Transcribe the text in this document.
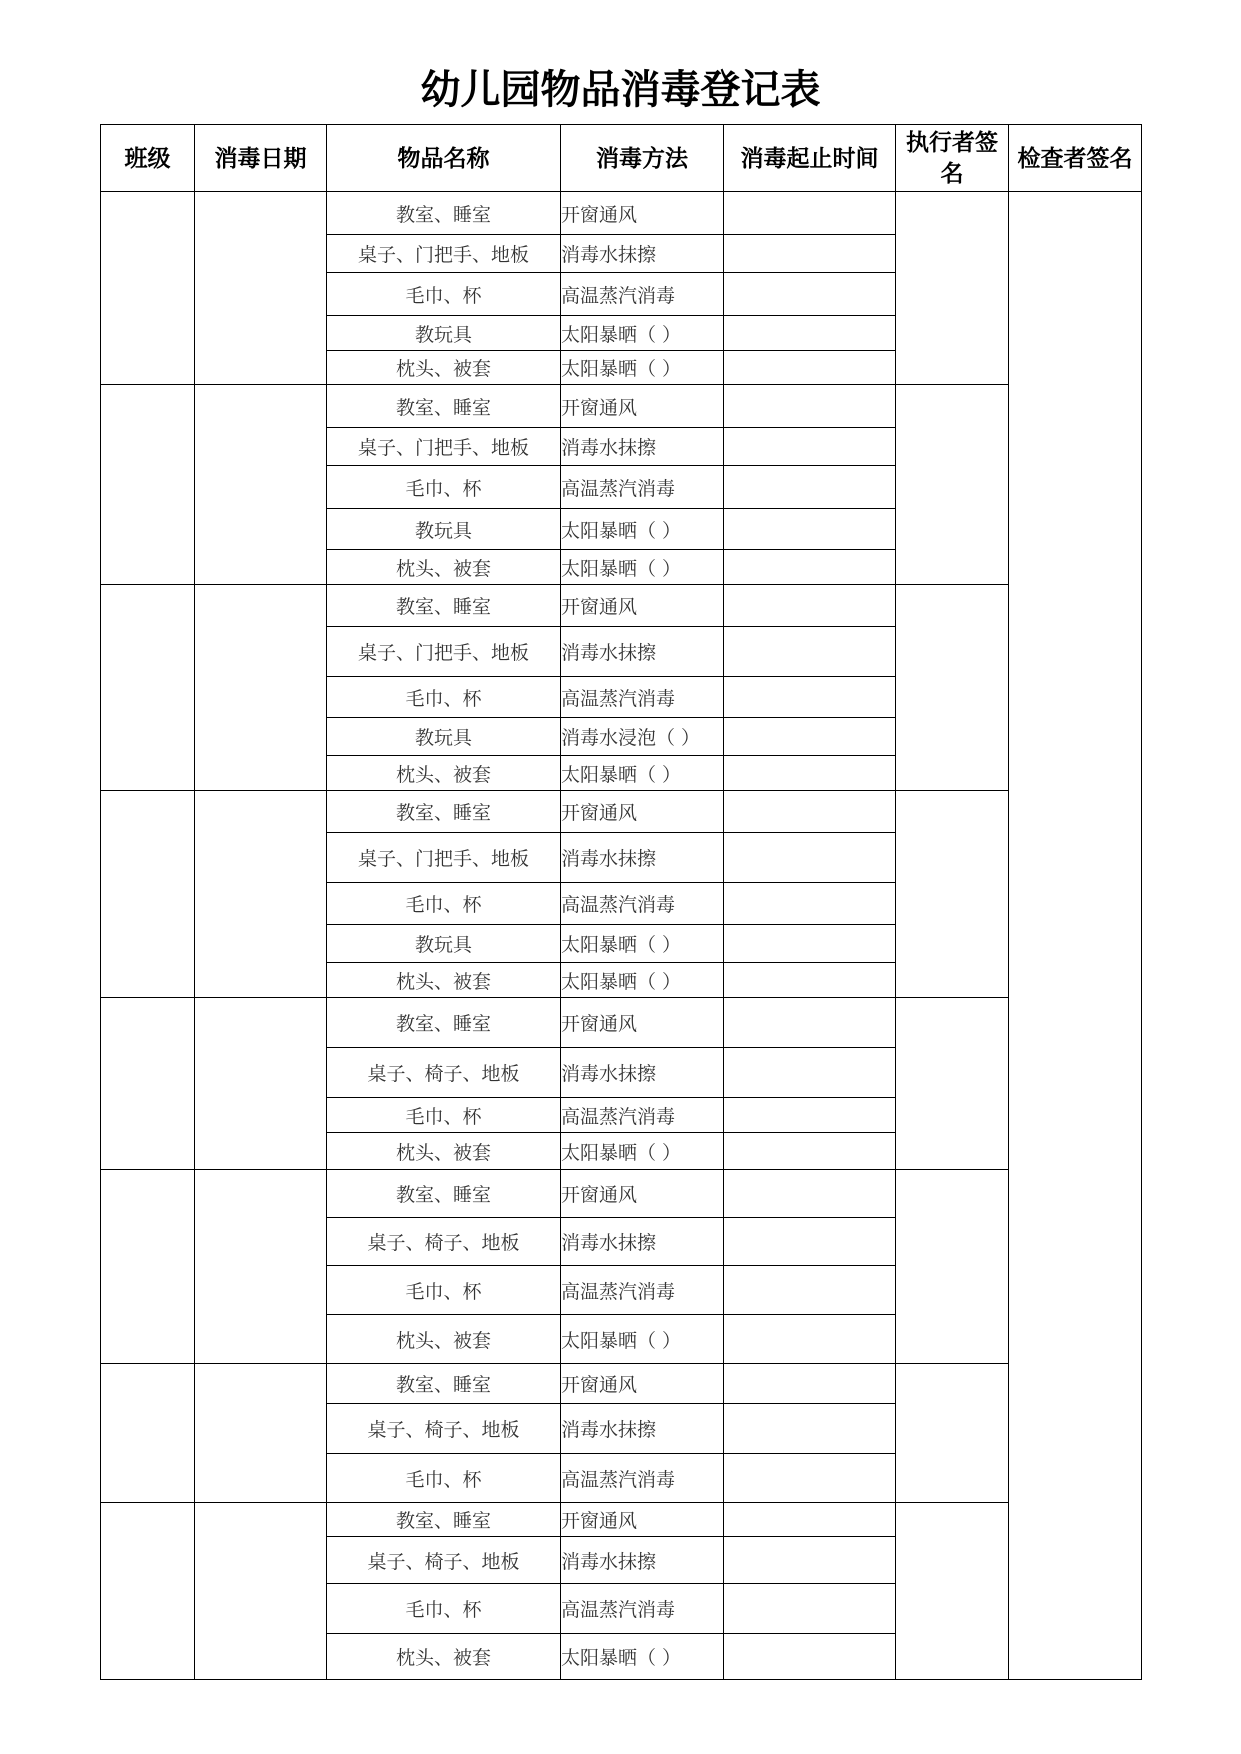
幼儿园物品消毒登记表
班级	消毒日期	物品名称	消毒方法	消毒起止时间	执行者签名	检查者签名
		教室、睡室	开窗通风			
		桌子、门把手、地板	消毒水抹擦			
		毛巾、杯	高温蒸汽消毒			
		教玩具	太阳暴晒（ ）			
		枕头、被套	太阳暴晒（ ）			
		教室、睡室	开窗通风			
		桌子、门把手、地板	消毒水抹擦			
		毛巾、杯	高温蒸汽消毒			
		教玩具	太阳暴晒（ ）			
		枕头、被套	太阳暴晒（ ）			
		教室、睡室	开窗通风			
		桌子、门把手、地板	消毒水抹擦			
		毛巾、杯	高温蒸汽消毒			
		教玩具	消毒水浸泡（ ）			
		枕头、被套	太阳暴晒（ ）			
		教室、睡室	开窗通风			
		桌子、门把手、地板	消毒水抹擦			
		毛巾、杯	高温蒸汽消毒			
		教玩具	太阳暴晒（ ）			
		枕头、被套	太阳暴晒（ ）			
		教室、睡室	开窗通风			
		桌子、椅子、地板	消毒水抹擦			
		毛巾、杯	高温蒸汽消毒			
		枕头、被套	太阳暴晒（ ）			
		教室、睡室	开窗通风			
		桌子、椅子、地板	消毒水抹擦			
		毛巾、杯	高温蒸汽消毒			
		枕头、被套	太阳暴晒（ ）			
		教室、睡室	开窗通风			
		桌子、椅子、地板	消毒水抹擦			
		毛巾、杯	高温蒸汽消毒			
		教室、睡室	开窗通风			
		桌子、椅子、地板	消毒水抹擦			
		毛巾、杯	高温蒸汽消毒			
		枕头、被套	太阳暴晒（ ）			
